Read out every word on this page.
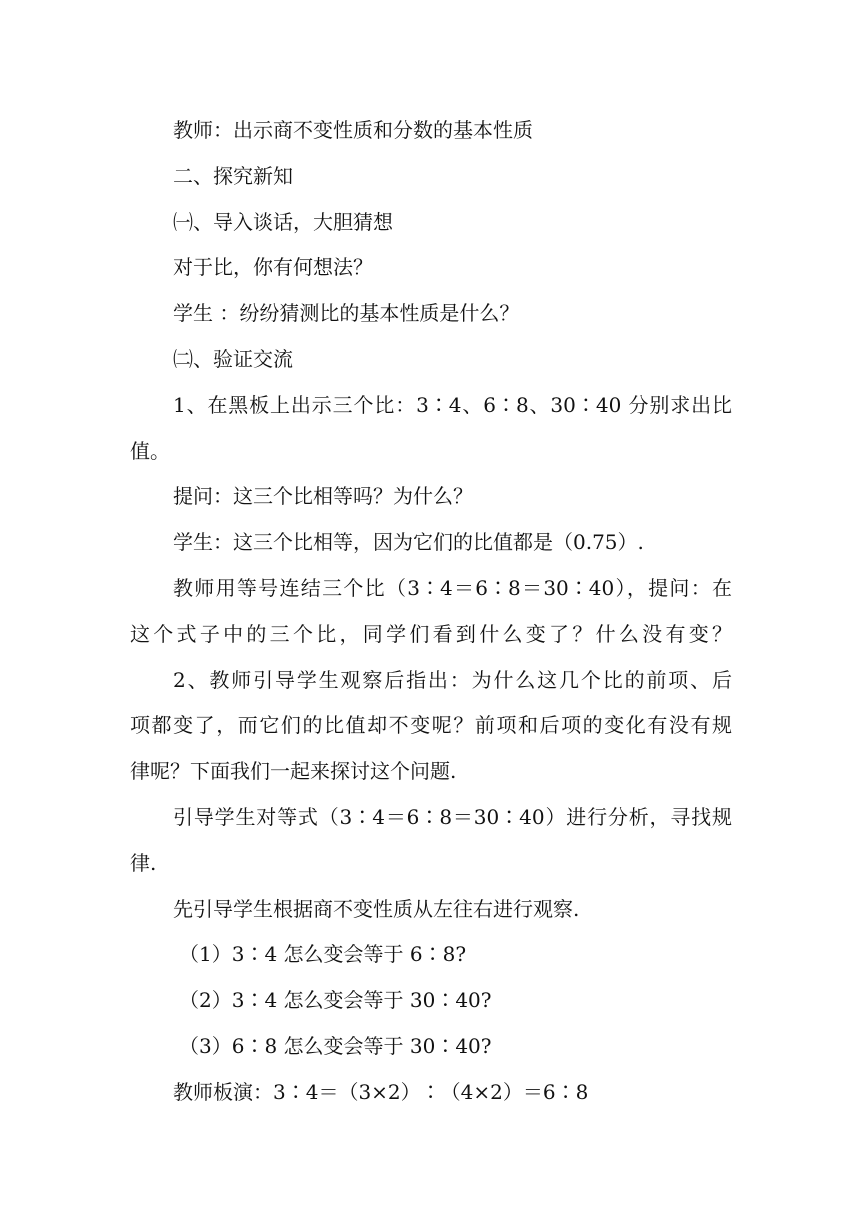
教师：出示商不变性质和分数的基本性质
二、探究新知
㈠、导入谈话，大胆猜想
对于比，你有何想法？
学生 ：纷纷猜测比的基本性质是什么？
㈡、验证交流
1、在黑板上出示三个比：3∶4、6∶8、30∶40 分别求出比
值。
提问：这三个比相等吗？为什么？
学生：这三个比相等，因为它们的比值都是（0.75）.
教师用等号连结三个比（3∶4＝6∶8＝30∶40），提问：在
这个式子中的三个比，同学们看到什么变了？什么没有变？
2、教师引导学生观察后指出：为什么这几个比的前项、后
项都变了，而它们的比值却不变呢？前项和后项的变化有没有规
律呢？下面我们一起来探讨这个问题.
引导学生对等式（3∶4＝6∶8＝30∶40）进行分析，寻找规
律.
先引导学生根据商不变性质从左往右进行观察.
（1）3∶4 怎么变会等于 6∶8?
（2）3∶4 怎么变会等于 30∶40?
（3）6∶8 怎么变会等于 30∶40?
教师板演：3∶4＝（3×2）∶（4×2）＝6∶8
